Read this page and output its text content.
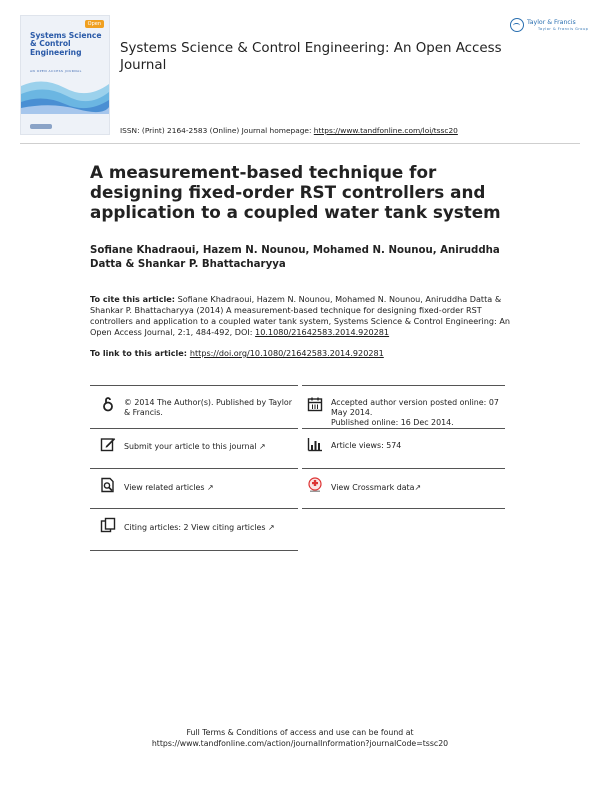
Open
Systems Science & Control Engineering
AN OPEN ACCESS JOURNAL
Systems Science & Control Engineering: An Open Access Journal
Taylor & Francis
Taylor & Francis Group
ISSN: (Print) 2164-2583 (Online) Journal homepage: https://www.tandfonline.com/loi/tssc20
A measurement-based technique for designing fixed-order RST controllers and application to a coupled water tank system
Sofiane Khadraoui, Hazem N. Nounou, Mohamed N. Nounou, Aniruddha Datta & Shankar P. Bhattacharyya
To cite this article: Sofiane Khadraoui, Hazem N. Nounou, Mohamed N. Nounou, Aniruddha Datta & Shankar P. Bhattacharyya (2014) A measurement-based technique for designing fixed-order RST controllers and application to a coupled water tank system, Systems Science & Control Engineering: An Open Access Journal, 2:1, 484-492, DOI: 10.1080/21642583.2014.920281
To link to this article: https://doi.org/10.1080/21642583.2014.920281
© 2014 The Author(s). Published by Taylor & Francis.
Accepted author version posted online: 07 May 2014.
Published online: 16 Dec 2014.
Submit your article to this journal ↗	Article views: 574
View related articles ↗	View Crossmark data↗
Citing articles: 2 View citing articles ↗
Full Terms & Conditions of access and use can be found at
https://www.tandfonline.com/action/journalInformation?journalCode=tssc20
